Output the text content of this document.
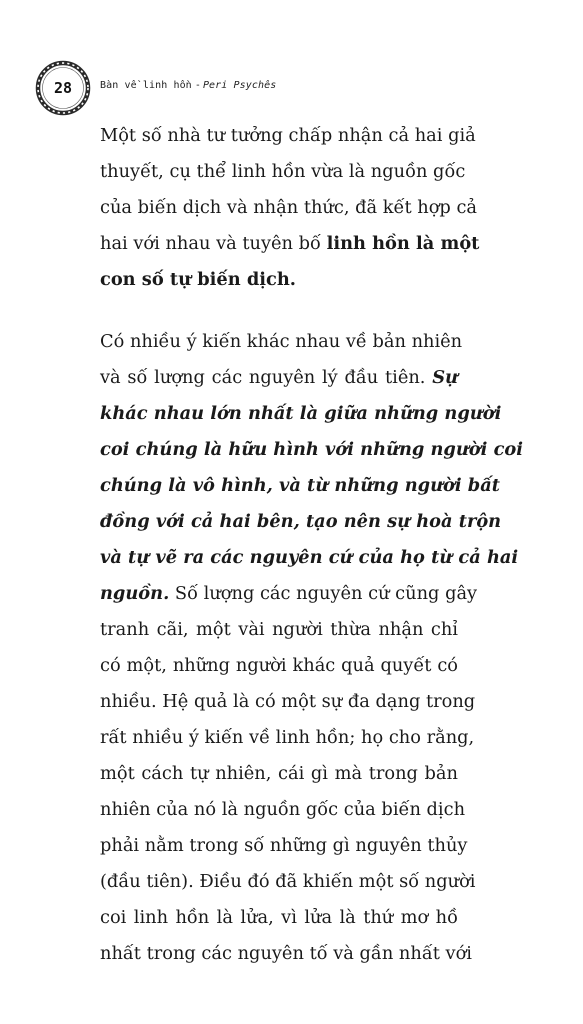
28	Bàn về linh hồn - Peri Psychês
Một số nhà tư tưởng chấp nhận cả hai giả
thuyết, cụ thể linh hồn vừa là nguồn gốc
của biến dịch và nhận thức, đã kết hợp cả
hai với nhau và tuyên bố linh hồn là một
con số tự biến dịch.
Có nhiều ý kiến khác nhau về bản nhiên
và số lượng các nguyên lý đầu tiên. Sự
khác nhau lớn nhất là giữa những người
coi chúng là hữu hình với những người coi
chúng là vô hình, và từ những người bất
đồng với cả hai bên, tạo nên sự hoà trộn
và tự vẽ ra các nguyên cứ của họ từ cả hai
nguồn. Số lượng các nguyên cứ cũng gây
tranh cãi, một vài người thừa nhận chỉ
có một, những người khác quả quyết có
nhiều. Hệ quả là có một sự đa dạng trong
rất nhiều ý kiến về linh hồn; họ cho rằng,
một cách tự nhiên, cái gì mà trong bản
nhiên của nó là nguồn gốc của biến dịch
phải nằm trong số những gì nguyên thủy
(đầu tiên). Điều đó đã khiến một số người
coi linh hồn là lửa, vì lửa là thứ mơ hồ
nhất trong các nguyên tố và gần nhất với
